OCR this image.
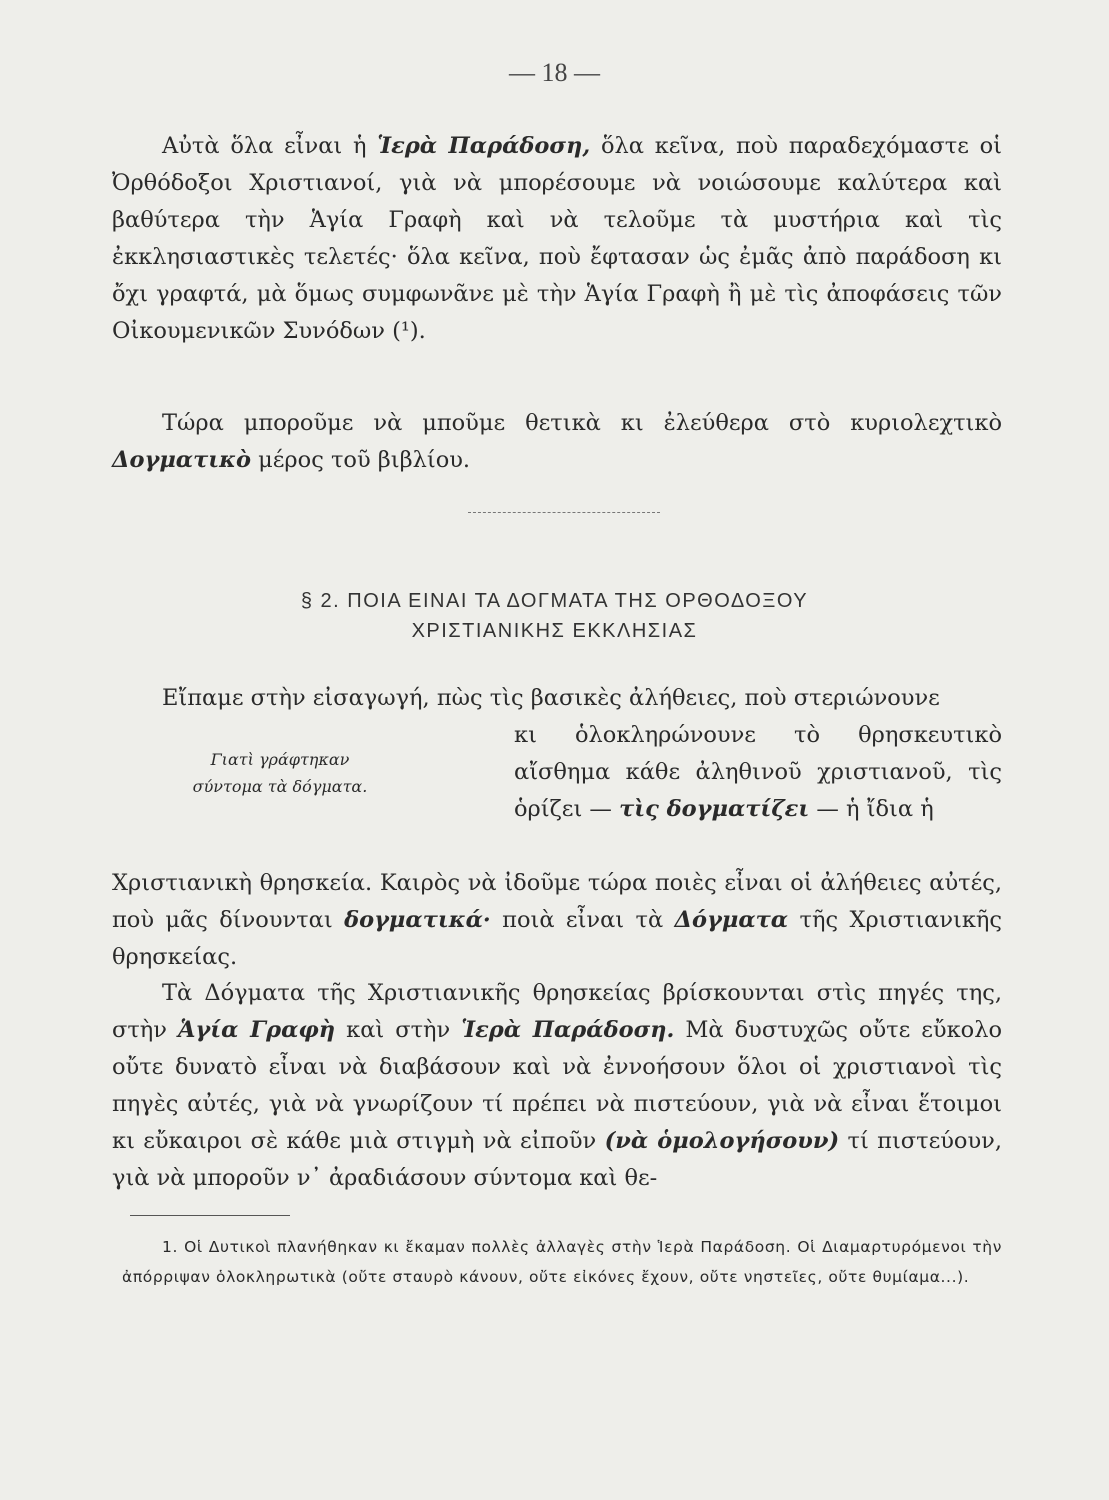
— 18 —
Αὐτὰ ὅλα εἶναι ἡ Ἱερὰ Παράδοση, ὅλα κεῖνα, ποὺ παραδεχόμαστε οἱ Ὀρθόδοξοι Χριστιανοί, γιὰ νὰ μπορέσουμε νὰ νοιώσουμε καλύτερα καὶ βαθύτερα τὴν Ἁγία Γραφὴ καὶ νὰ τελοῦμε τὰ μυστήρια καὶ τὶς ἐκκλησιαστικὲς τελετές· ὅλα κεῖνα, ποὺ ἔφτασαν ὡς ἐμᾶς ἀπὸ παράδοση κι ὄχι γραφτά, μὰ ὅμως συμφωνᾶνε μὲ τὴν Ἁγία Γραφὴ ἢ μὲ τὶς ἀποφάσεις τῶν Οἰκουμενικῶν Συνόδων (¹).
Τώρα μποροῦμε νὰ μποῦμε θετικὰ κι ἐλεύθερα στὸ κυριολεχτικὸ Δογματικὸ μέρος τοῦ βιβλίου.
§ 2. ΠΟΙΑ ΕΙΝΑΙ ΤΑ ΔΟΓΜΑΤΑ ΤΗΣ ΟΡΘΟΔΟΞΟΥ
ΧΡΙΣΤΙΑΝΙΚΗΣ ΕΚΚΛΗΣΙΑΣ
Εἴπαμε στὴν εἰσαγωγή, πὼς τὶς βασικὲς ἀλήθειες, ποὺ στεριώνουνε
Γιατὶ γράφτηκαν
σύντομα τὰ δόγματα.
κι ὁλοκληρώνουνε τὸ θρησκευτικὸ αἴσθημα κάθε ἀληθινοῦ χριστιανοῦ, τὶς ὁρίζει — τὶς δογματίζει — ἡ ἴδια ἡ
Χριστιανικὴ θρησκεία. Καιρὸς νὰ ἰδοῦμε τώρα ποιὲς εἶναι οἱ ἀλήθειες αὐτές, ποὺ μᾶς δίνουνται δογματικά· ποιὰ εἶναι τὰ Δόγματα τῆς Χριστιανικῆς θρησκείας.
Τὰ Δόγματα τῆς Χριστιανικῆς θρησκείας βρίσκουνται στὶς πηγές της, στὴν Ἁγία Γραφὴ καὶ στὴν Ἱερὰ Παράδοση. Μὰ δυστυχῶς οὔτε εὔκολο οὔτε δυνατὸ εἶναι νὰ διαβάσουν καὶ νὰ ἐννοήσουν ὅλοι οἱ χριστιανοὶ τὶς πηγὲς αὐτές, γιὰ νὰ γνωρίζουν τί πρέπει νὰ πιστεύουν, γιὰ νὰ εἶναι ἕτοιμοι κι εὔκαιροι σὲ κάθε μιὰ στιγμὴ νὰ εἰποῦν (νὰ ὁμολογήσουν) τί πιστεύουν, γιὰ νὰ μποροῦν ν᾽ ἀραδιάσουν σύντομα καὶ θε-
1. Οἱ Δυτικοὶ πλανήθηκαν κι ἔκαμαν πολλὲς ἀλλαγὲς στὴν Ἱερὰ Παράδοση. Οἱ Διαμαρτυρόμενοι τὴν ἀπόρριψαν ὁλοκληρωτικὰ (οὔτε σταυρὸ κάνουν, οὔτε εἰκόνες ἔχουν, οὔτε νηστεῖες, οὔτε θυμίαμα...).
